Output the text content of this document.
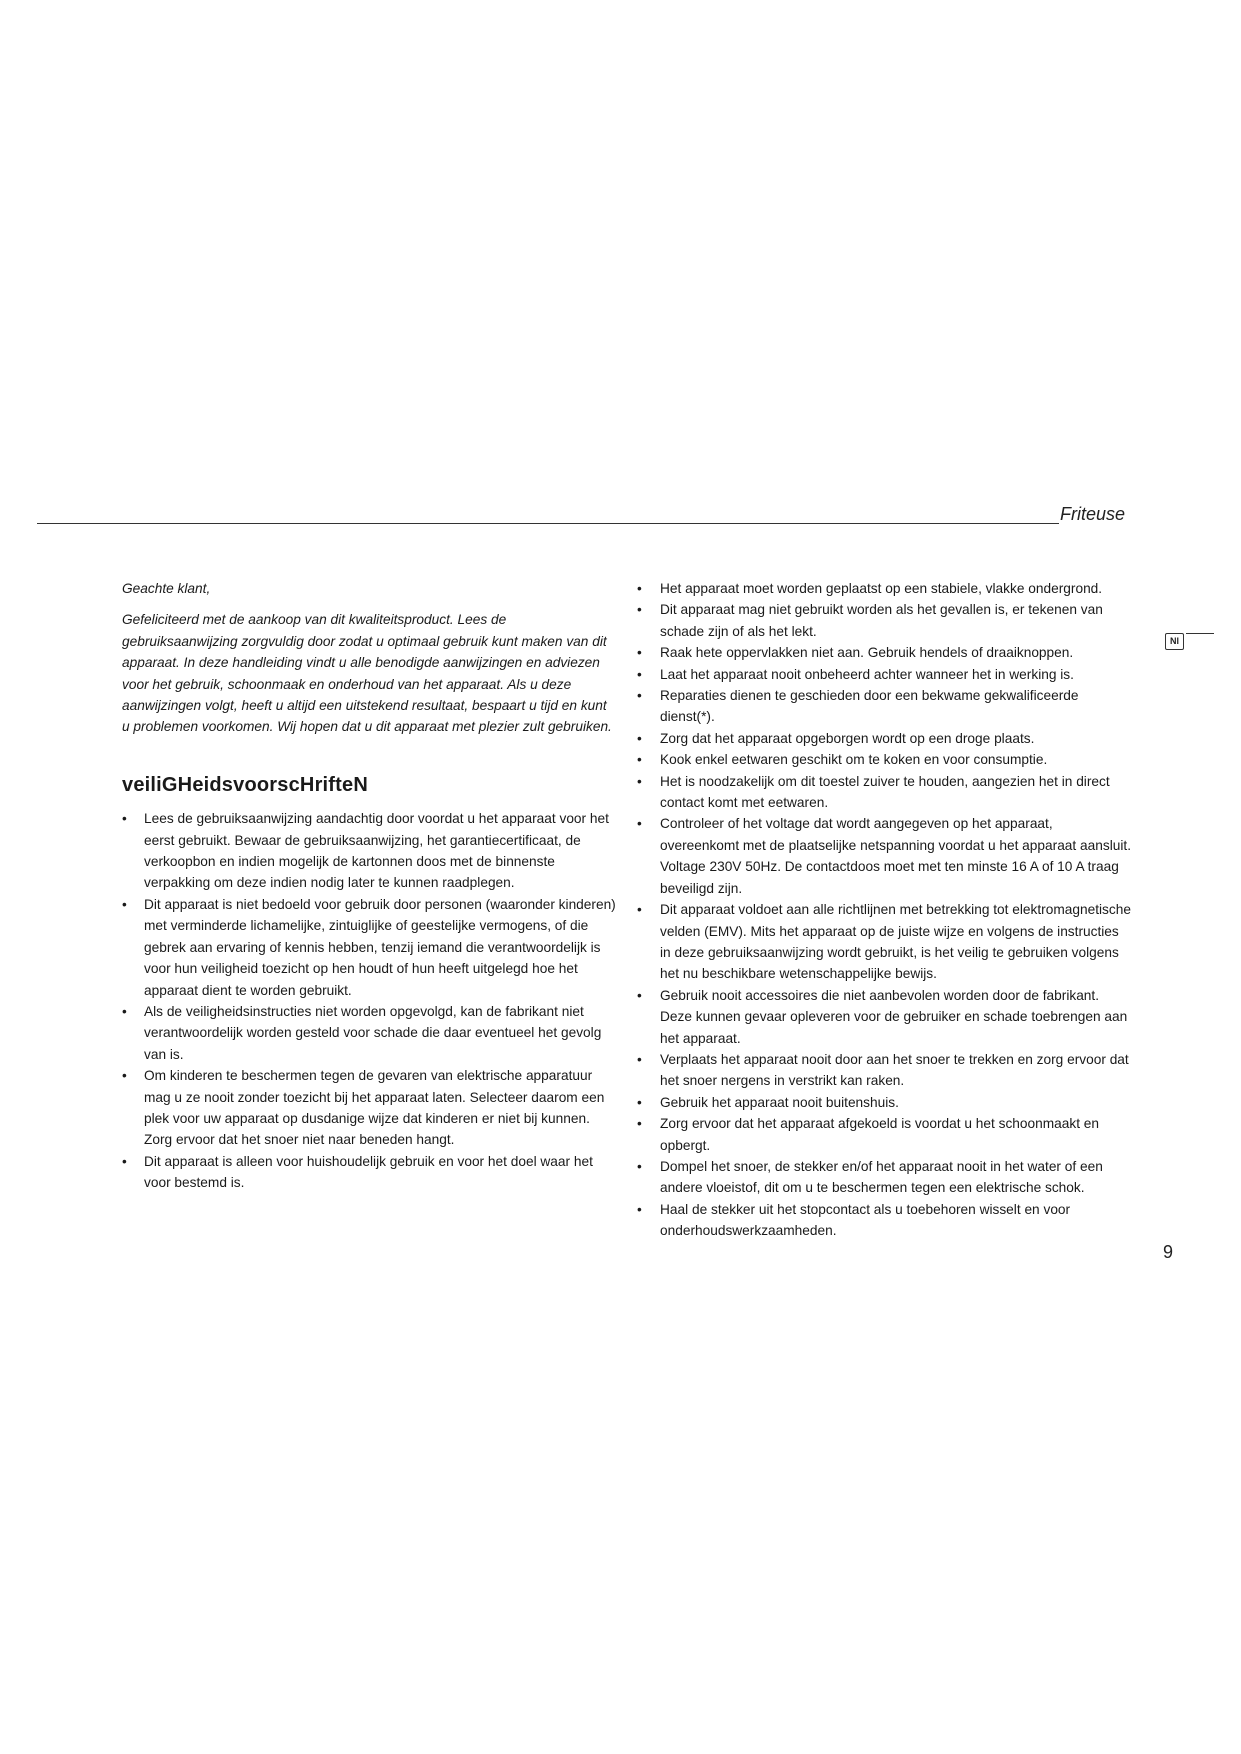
Friteuse
Nl

Geachte klant,

Gefeliciteerd met de aankoop van dit kwaliteitsproduct. Lees de gebruiksaanwijzing zorgvuldig door zodat u optimaal gebruik kunt maken van dit apparaat. In deze handleiding vindt u alle benodigde aanwijzingen en adviezen voor het gebruik, schoonmaak en onderhoud van het apparaat. Als u deze aanwijzingen volgt, heeft u altijd een uitstekend resultaat, bespaart u tijd en kunt u problemen voorkomen. Wij hopen dat u dit apparaat met plezier zult gebruiken.

veiliGHeidsvoorscHrifteN
• Lees de gebruiksaanwijzing aandachtig door voordat u het apparaat voor het eerst gebruikt. Bewaar de gebruiksaanwijzing, het garantiecertificaat, de verkoopbon en indien mogelijk de kartonnen doos met de binnenste verpakking om deze indien nodig later te kunnen raadplegen.
• Dit apparaat is niet bedoeld voor gebruik door personen (waaronder kinderen) met verminderde lichamelijke, zintuiglijke of geestelijke vermogens, of die gebrek aan ervaring of kennis hebben, tenzij iemand die verantwoordelijk is voor hun veiligheid toezicht op hen houdt of hun heeft uitgelegd hoe het apparaat dient te worden gebruikt.
• Als de veiligheidsinstructies niet worden opgevolgd, kan de fabrikant niet verantwoordelijk worden gesteld voor schade die daar eventueel het gevolg van is.
• Om kinderen te beschermen tegen de gevaren van elektrische apparatuur mag u ze nooit zonder toezicht bij het apparaat laten. Selecteer daarom een plek voor uw apparaat op dusdanige wijze dat kinderen er niet bij kunnen. Zorg ervoor dat het snoer niet naar beneden hangt.
• Dit apparaat is alleen voor huishoudelijk gebruik en voor het doel waar het voor bestemd is.
• Het apparaat moet worden geplaatst op een stabiele, vlakke ondergrond.
• Dit apparaat mag niet gebruikt worden als het gevallen is, er tekenen van schade zijn of als het lekt.
• Raak hete oppervlakken niet aan. Gebruik hendels of draaiknoppen.
• Laat het apparaat nooit onbeheerd achter wanneer het in werking is.
• Reparaties dienen te geschieden door een bekwame gekwalificeerde dienst(*).
• Zorg dat het apparaat opgeborgen wordt op een droge plaats.
• Kook enkel eetwaren geschikt om te koken en voor consumptie.
• Het is noodzakelijk om dit toestel zuiver te houden, aangezien het in direct contact komt met eetwaren.
• Controleer of het voltage dat wordt aangegeven op het apparaat, overeenkomt met de plaatselijke netspanning voordat u het apparaat aansluit. Voltage 230V 50Hz. De contactdoos moet met ten minste 16 A of 10 A traag beveiligd zijn.
• Dit apparaat voldoet aan alle richtlijnen met betrekking tot elektromagnetische velden (EMV). Mits het apparaat op de juiste wijze en volgens de instructies in deze gebruiksaanwijzing wordt gebruikt, is het veilig te gebruiken volgens het nu beschikbare wetenschappelijke bewijs.
• Gebruik nooit accessoires die niet aanbevolen worden door de fabrikant. Deze kunnen gevaar opleveren voor de gebruiker en schade toebrengen aan het apparaat.
• Verplaats het apparaat nooit door aan het snoer te trekken en zorg ervoor dat het snoer nergens in verstrikt kan raken.
• Gebruik het apparaat nooit buitenshuis.
• Zorg ervoor dat het apparaat afgekoeld is voordat u het schoonmaakt en opbergt.
• Dompel het snoer, de stekker en/of het apparaat nooit in het water of een andere vloeistof, dit om u te beschermen tegen een elektrische schok.
• Haal de stekker uit het stopcontact als u toebehoren wisselt en voor onderhoudswerkzaamheden.
9
